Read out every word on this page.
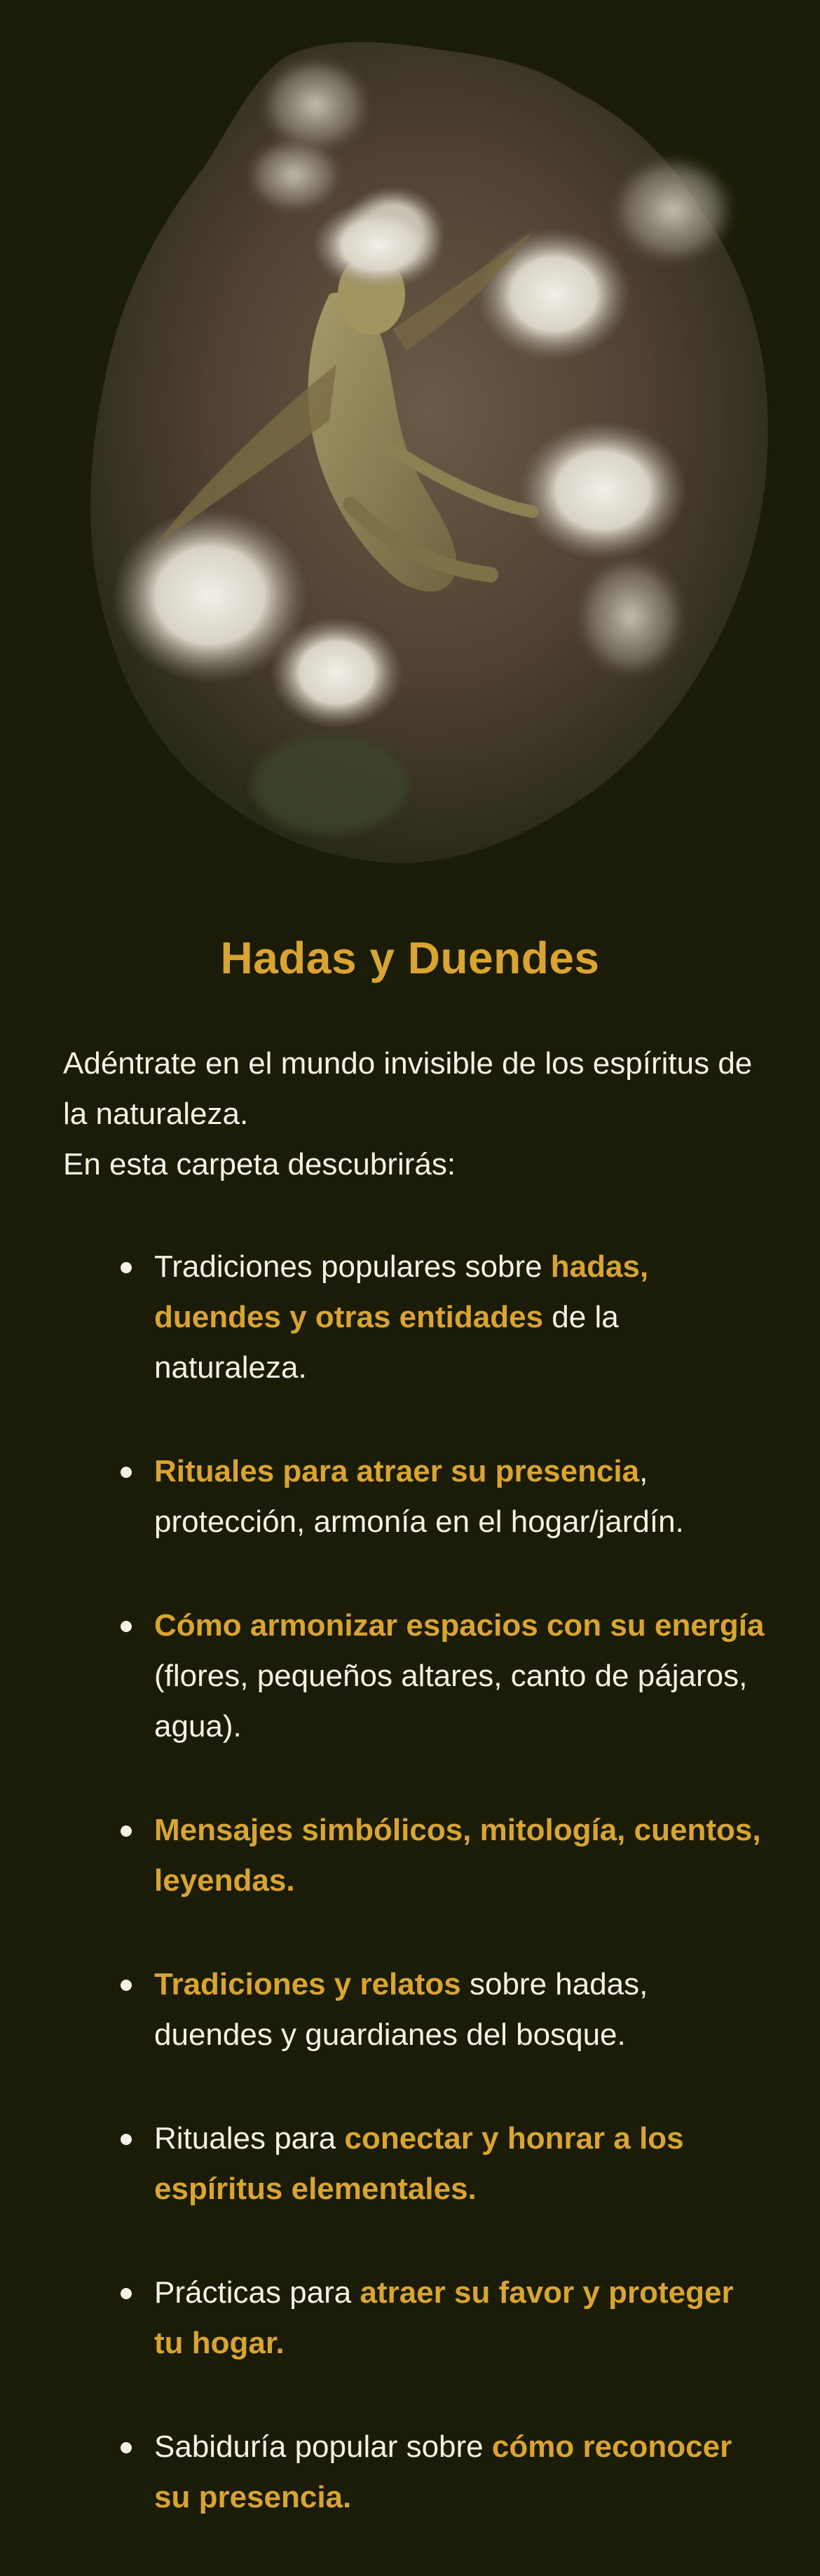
Hadas y Duendes

Adéntrate en el mundo invisible de los espíritus de la naturaleza.

En esta carpeta descubrirás:

Tradiciones populares sobre hadas, duendes y otras entidades de la naturaleza.
Rituales para atraer su presencia, protección, armonía en el hogar/jardín.
Cómo armonizar espacios con su energía (flores, pequeños altares, canto de pájaros, agua).
Mensajes simbólicos, mitología, cuentos, leyendas.
Tradiciones y relatos sobre hadas, duendes y guardianes del bosque.
Rituales para conectar y honrar a los espíritus elementales.
Prácticas para atraer su favor y proteger tu hogar.
Sabiduría popular sobre cómo reconocer su presencia.
